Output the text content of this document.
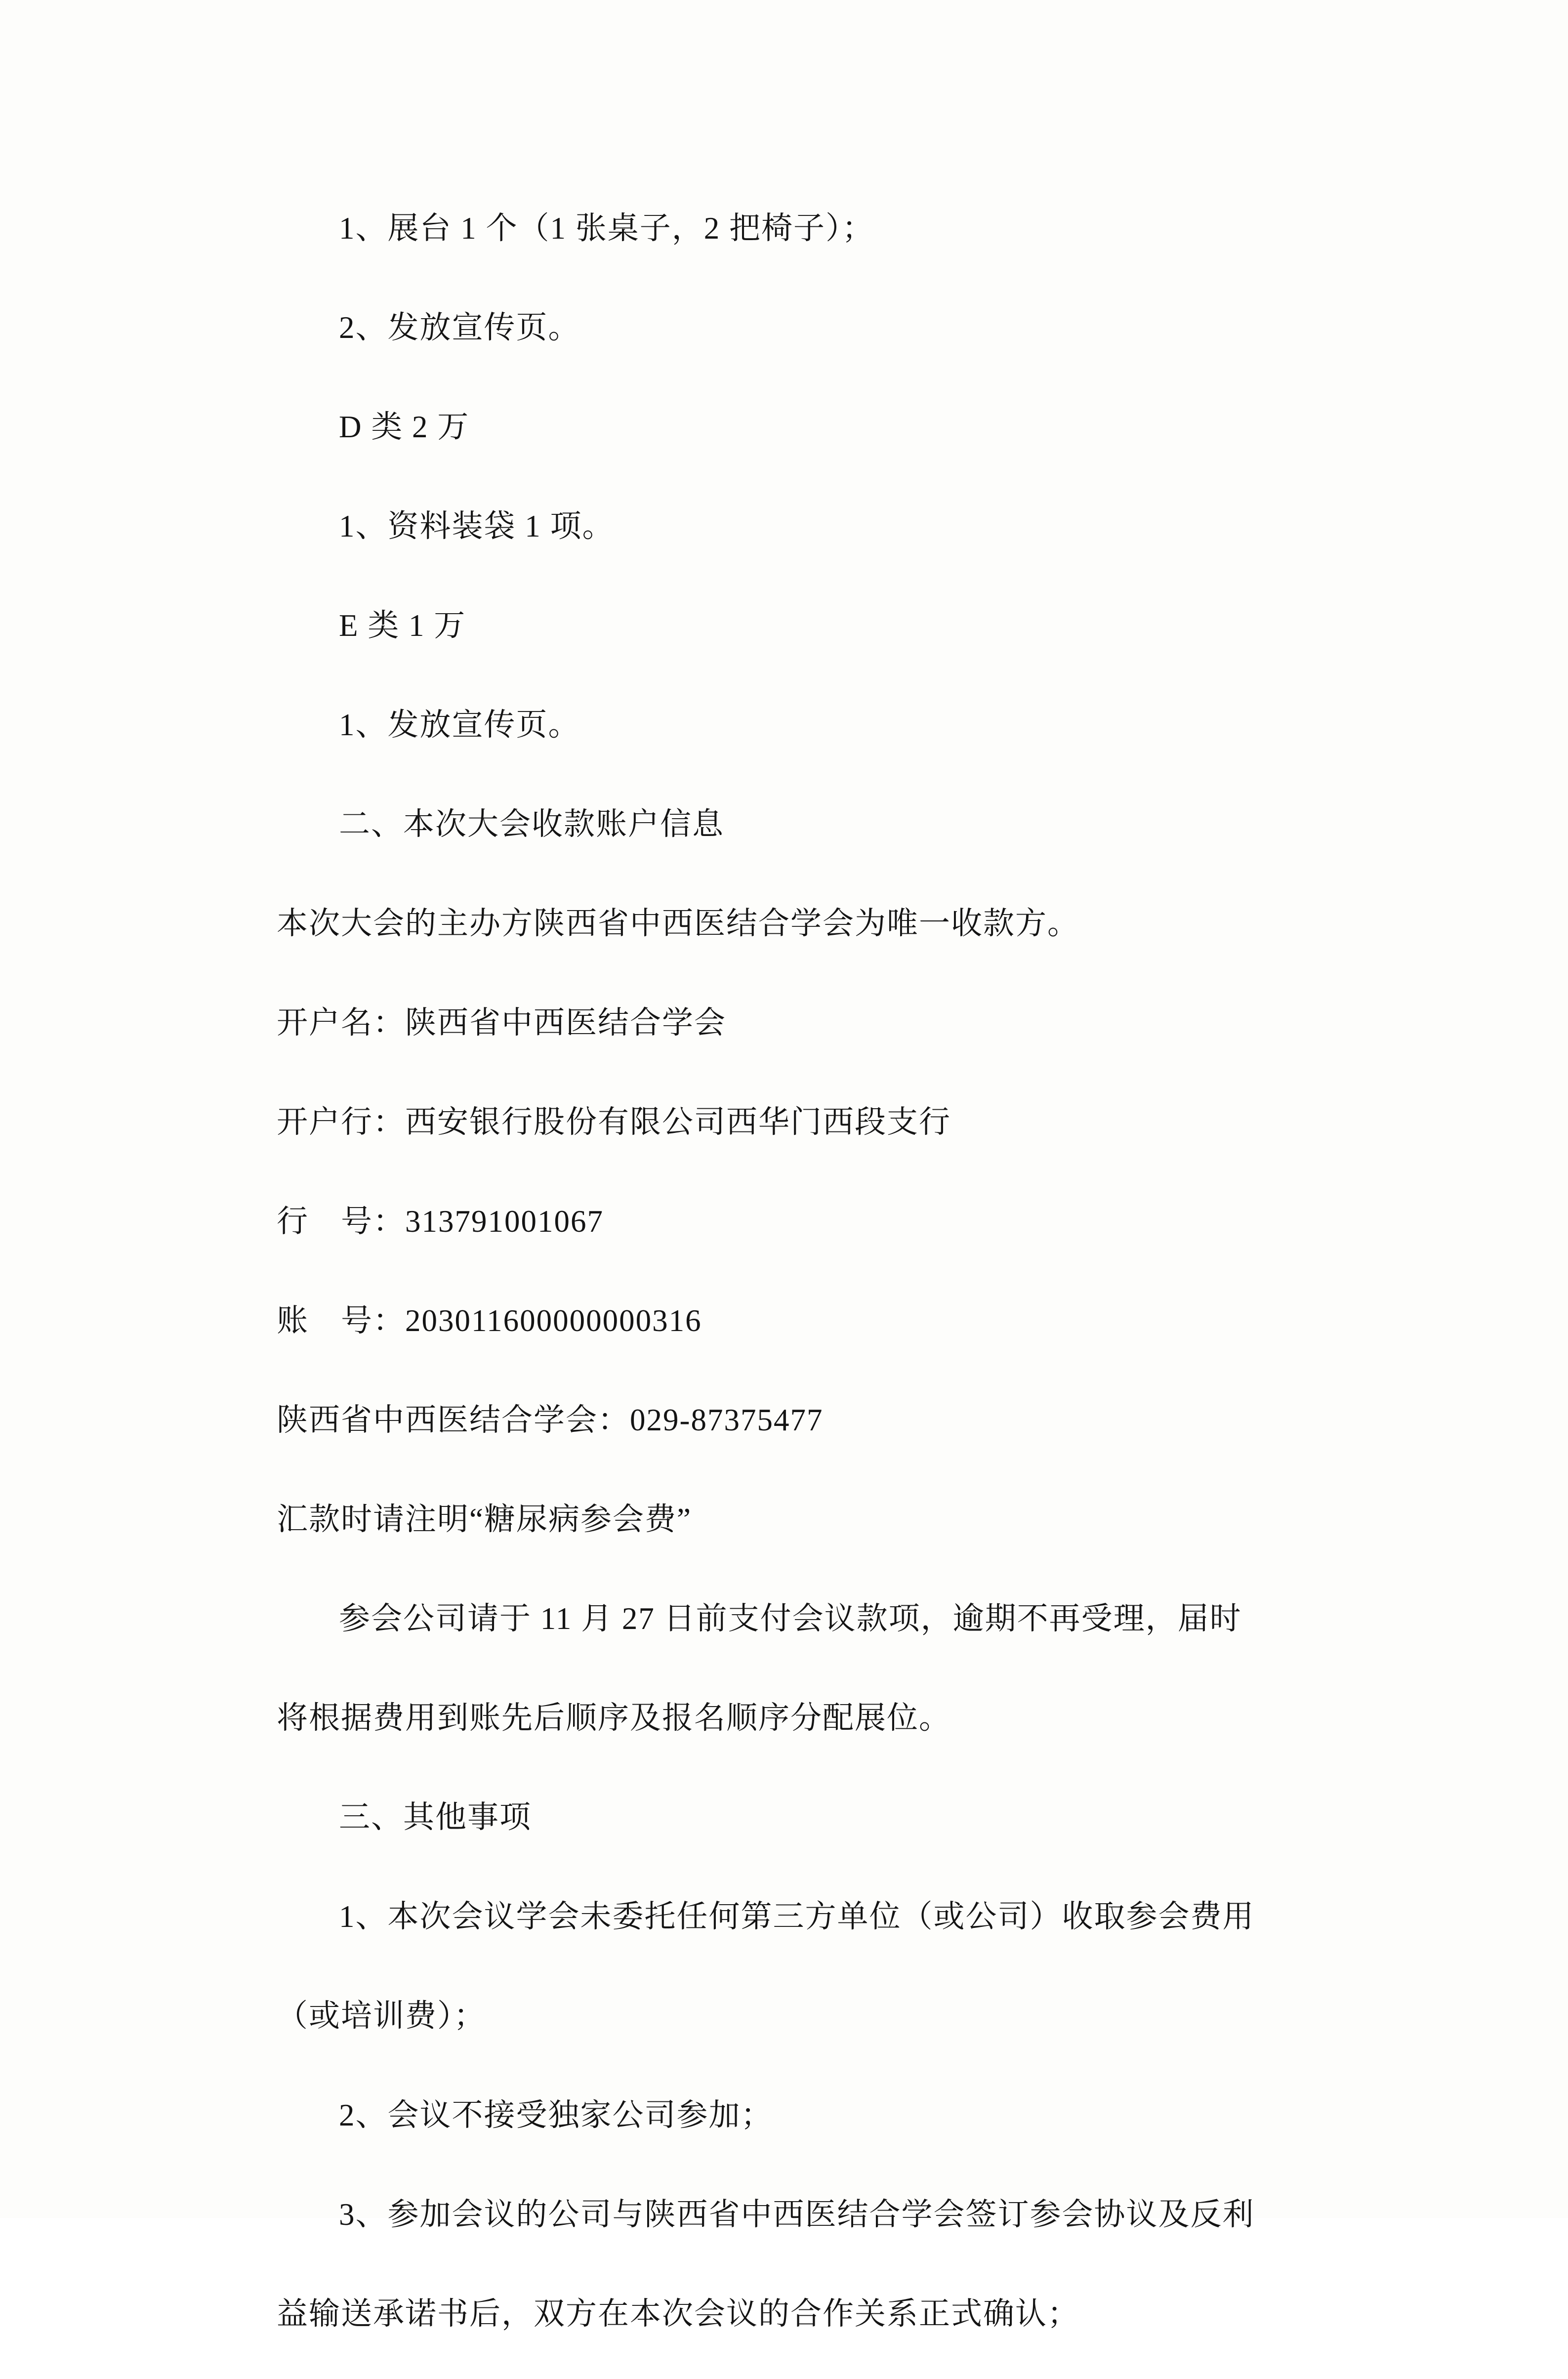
1、展台 1 个（1 张桌子，2 把椅子）；

2、发放宣传页。

D 类 2 万

1、资料装袋 1 项。

E 类 1 万

1、发放宣传页。

二、本次大会收款账户信息

本次大会的主办方陕西省中西医结合学会为唯一收款方。

开户名：陕西省中西医结合学会

开户行：西安银行股份有限公司西华门西段支行

行　号：313791001067

账　号：203011600000000316

陕西省中西医结合学会：029-87375477

汇款时请注明“糖尿病参会费”

参会公司请于 11 月 27 日前支付会议款项，逾期不再受理，届时

将根据费用到账先后顺序及报名顺序分配展位。

三、其他事项

1、本次会议学会未委托任何第三方单位（或公司）收取参会费用

（或培训费）；

2、会议不接受独家公司参加；

3、参加会议的公司与陕西省中西医结合学会签订参会协议及反利

益输送承诺书后，双方在本次会议的合作关系正式确认；
